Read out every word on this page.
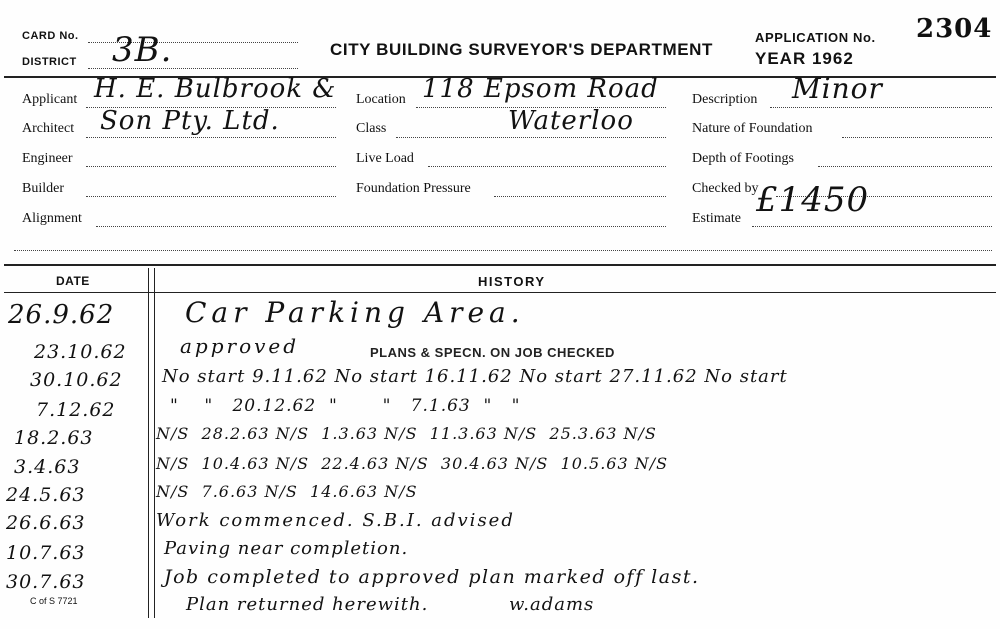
CARD No.
DISTRICT 3B.	CITY BUILDING SURVEYOR'S DEPARTMENT
APPLICATION No. 2304
YEAR 1962
Applicant H. E. Bulbrook &
Architect Son Pty. Ltd.
Engineer
Builder
Alignment
Location 118 Epsom Road
Class	Waterloo
Live Load
Foundation Pressure
Description Minor
Nature of Foundation
Depth of Footings
Checked by
Estimate £1450
DATE	HISTORY
PLANS & SPECN. ON JOB CHECKED
26.9.62	Car Parking Area.
23.10.62	approved
30.10.62 No start 9.11.62 No start 16.11.62 No start 27.11.62 No start
7.12.62	"    "   20.12.62  "       "   7.1.63  "   "
18.2.63	N/S  28.2.63 N/S  1.3.63 N/S  11.3.63 N/S  25.3.63 N/S
3.4.63	N/S  10.4.63 N/S  22.4.63 N/S  30.4.63 N/S  10.5.63 N/S
24.5.63	N/S  7.6.63 N/S  14.6.63 N/S
26.6.63	Work commenced. S.B.I. advised
10.7.63	Paving near completion.
30.7.63	Job completed to approved plan marked off last.
Plan returned herewith.            w.adams
C of S 7721
